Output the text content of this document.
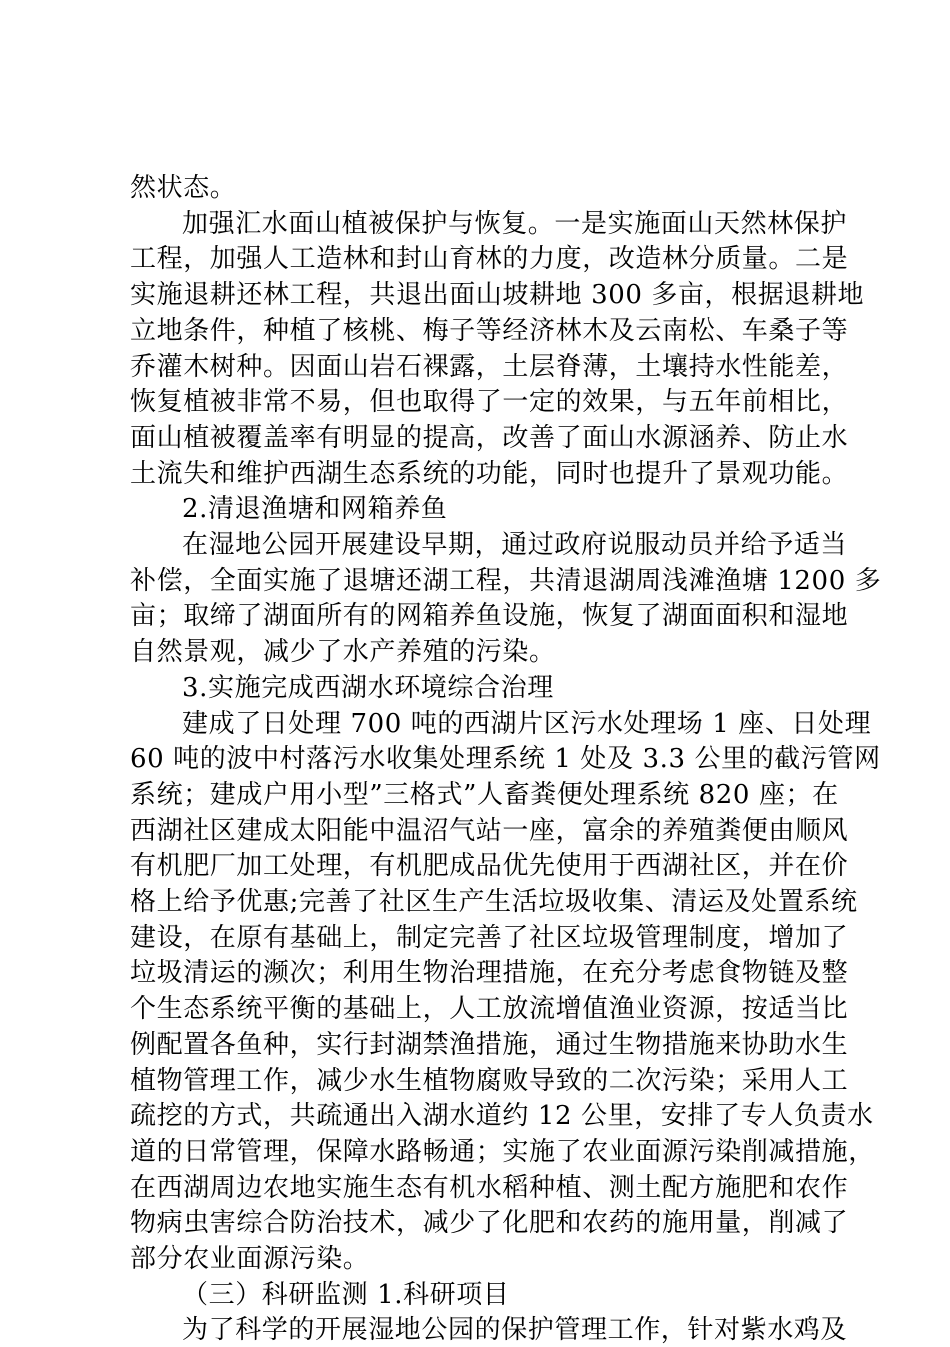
然状态。
加强汇水面山植被保护与恢复。一是实施面山天然林保护
工程，加强人工造林和封山育林的力度，改造林分质量。二是
实施退耕还林工程，共退出面山坡耕地 300 多亩，根据退耕地
立地条件，种植了核桃、梅子等经济林木及云南松、车桑子等
乔灌木树种。因面山岩石裸露，土层脊薄，土壤持水性能差，
恢复植被非常不易，但也取得了一定的效果，与五年前相比，
面山植被覆盖率有明显的提高，改善了面山水源涵养、防止水
土流失和维护西湖生态系统的功能，同时也提升了景观功能。
2.清退渔塘和网箱养鱼
在湿地公园开展建设早期，通过政府说服动员并给予适当
补偿，全面实施了退塘还湖工程，共清退湖周浅滩渔塘 1200 多
亩；取缔了湖面所有的网箱养鱼设施，恢复了湖面面积和湿地
自然景观，减少了水产养殖的污染。
3.实施完成西湖水环境综合治理
建成了日处理 700 吨的西湖片区污水处理场 1 座、日处理
60 吨的波中村落污水收集处理系统 1 处及 3.3 公里的截污管网
系统；建成户用小型”三格式”人畜粪便处理系统 820 座；在
西湖社区建成太阳能中温沼气站一座，富余的养殖粪便由顺风
有机肥厂加工处理，有机肥成品优先使用于西湖社区，并在价
格上给予优惠;完善了社区生产生活垃圾收集、清运及处置系统
建设，在原有基础上，制定完善了社区垃圾管理制度，增加了
垃圾清运的濒次；利用生物治理措施，在充分考虑食物链及整
个生态系统平衡的基础上，人工放流增值渔业资源，按适当比
例配置各鱼种，实行封湖禁渔措施，通过生物措施来协助水生
植物管理工作，减少水生植物腐败导致的二次污染；采用人工
疏挖的方式，共疏通出入湖水道约 12 公里，安排了专人负责水
道的日常管理，保障水路畅通；实施了农业面源污染削减措施，
在西湖周边农地实施生态有机水稻种植、测土配方施肥和农作
物病虫害综合防治技术，减少了化肥和农药的施用量，削减了
部分农业面源污染。
（三）科研监测 1.科研项目
为了科学的开展湿地公园的保护管理工作，针对紫水鸡及
